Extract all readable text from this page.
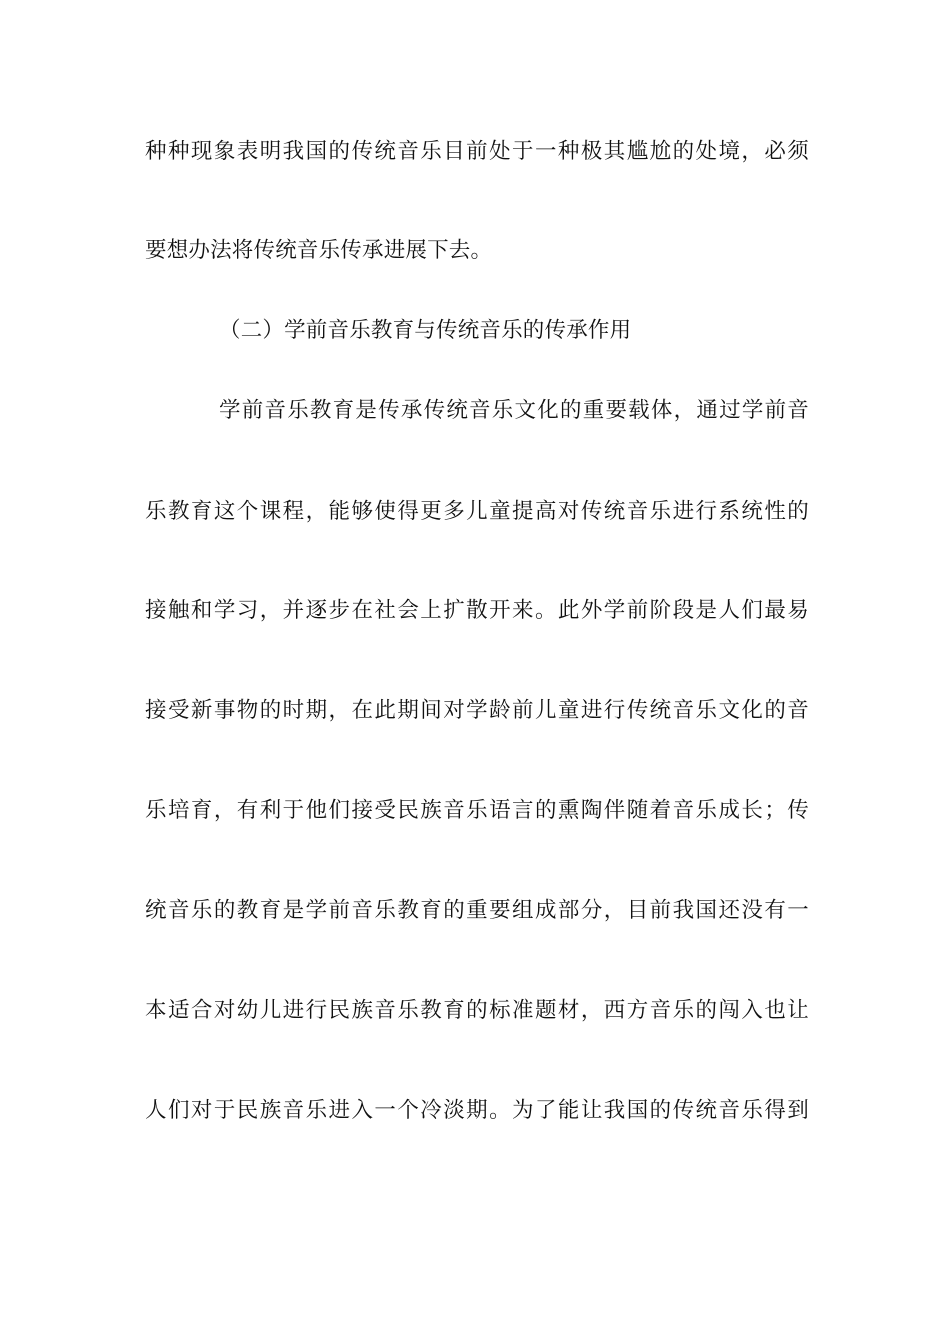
种种现象表明我国的传统音乐目前处于一种极其尴尬的处境，必须
要想办法将传统音乐传承进展下去。
（二）学前音乐教育与传统音乐的传承作用
学前音乐教育是传承传统音乐文化的重要载体，通过学前音
乐教育这个课程，能够使得更多儿童提高对传统音乐进行系统性的
接触和学习，并逐步在社会上扩散开来。此外学前阶段是人们最易
接受新事物的时期，在此期间对学龄前儿童进行传统音乐文化的音
乐培育，有利于他们接受民族音乐语言的熏陶伴随着音乐成长；传
统音乐的教育是学前音乐教育的重要组成部分，目前我国还没有一
本适合对幼儿进行民族音乐教育的标准题材，西方音乐的闯入也让
人们对于民族音乐进入一个冷淡期。为了能让我国的传统音乐得到
